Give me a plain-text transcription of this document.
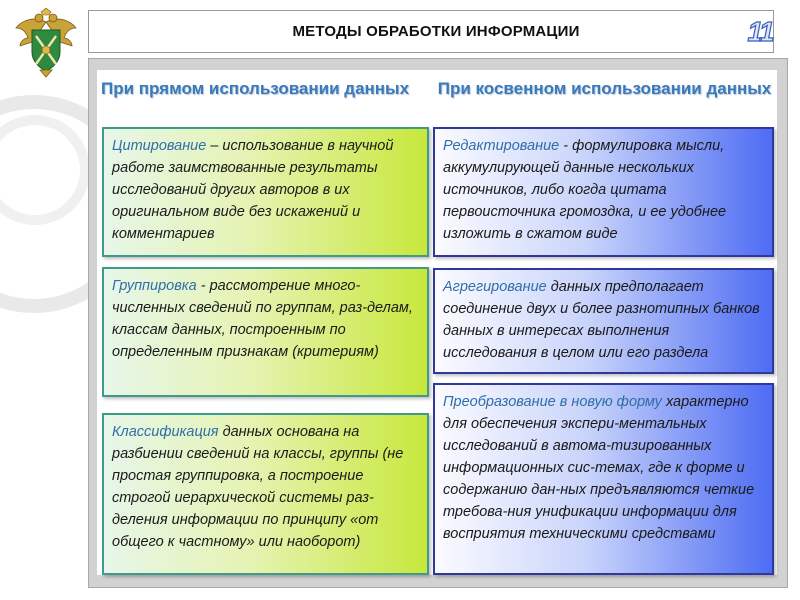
МЕТОДЫ ОБРАБОТКИ ИНФОРМАЦИИ	11
При прямом использовании данных	При косвенном использовании данных
Цитирование – использование в научной работе заимствованные результаты исследований других авторов в их оригинальном виде без искажений и комментариев
Группировка - рассмотрение много-численных сведений по группам, раз-делам, классам данных, построенным по определенным признакам (критериям)
Классификация данных основана на разбиении сведений на классы, группы (не простая группировка, а построение строгой иерархической системы раз-деления информации по принципу «от общего к частному» или наоборот)
Редактирование - формулировка мысли, аккумулирующей данные нескольких источников, либо когда цитата первоисточника громоздка, и ее удобнее изложить в сжатом виде
Агрегирование данных предполагает соединение двух и более разнотипных банков данных в интересах выполнения исследования в целом или его раздела
Преобразование в новую форму характерно для обеспечения экспери-ментальных исследований в автома-тизированных информационных сис-темах, где к форме и содержанию дан-ных предъявляются четкие требова-ния унификации информации для восприятия техническими средствами
